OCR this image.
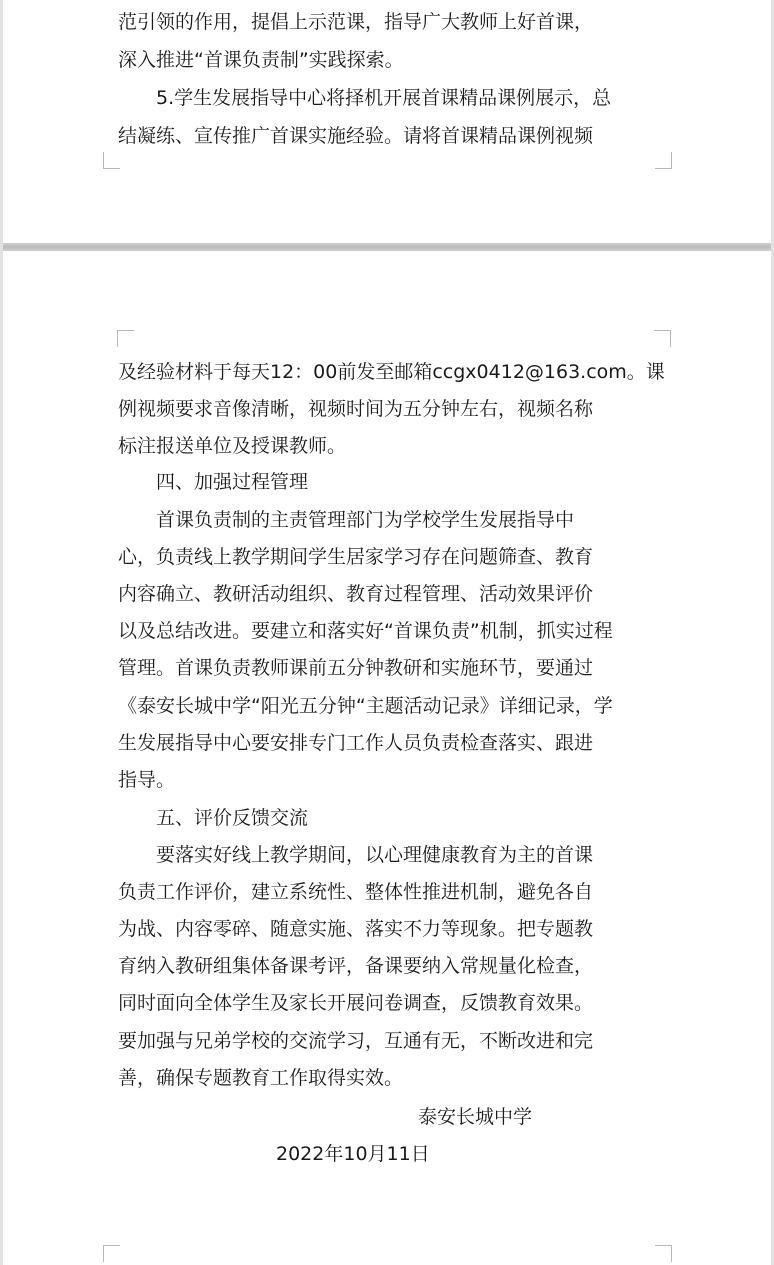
范引领的作用，提倡上示范课，指导广大教师上好首课，
深入推进“首课负责制”实践探索。
　　5.学生发展指导中心将择机开展首课精品课例展示，总
结凝练、宣传推广首课实施经验。请将首课精品课例视频
及经验材料于每天12：00前发至邮箱ccgx0412@163.com。课
例视频要求音像清晰，视频时间为五分钟左右，视频名称
标注报送单位及授课教师。
　　四、加强过程管理
　　首课负责制的主责管理部门为学校学生发展指导中
心，负责线上教学期间学生居家学习存在问题筛查、教育
内容确立、教研活动组织、教育过程管理、活动效果评价
以及总结改进。要建立和落实好“首课负责”机制，抓实过程
管理。首课负责教师课前五分钟教研和实施环节，要通过
《泰安长城中学“阳光五分钟“主题活动记录》详细记录，学
生发展指导中心要安排专门工作人员负责检查落实、跟进
指导。
　　五、评价反馈交流
　　要落实好线上教学期间，以心理健康教育为主的首课
负责工作评价，建立系统性、整体性推进机制，避免各自
为战、内容零碎、随意实施、落实不力等现象。把专题教
育纳入教研组集体备课考评，备课要纳入常规量化检查，
同时面向全体学生及家长开展问卷调查，反馈教育效果。
要加强与兄弟学校的交流学习，互通有无，不断改进和完
善，确保专题教育工作取得实效。
泰安长城中学
2022年10月11日
